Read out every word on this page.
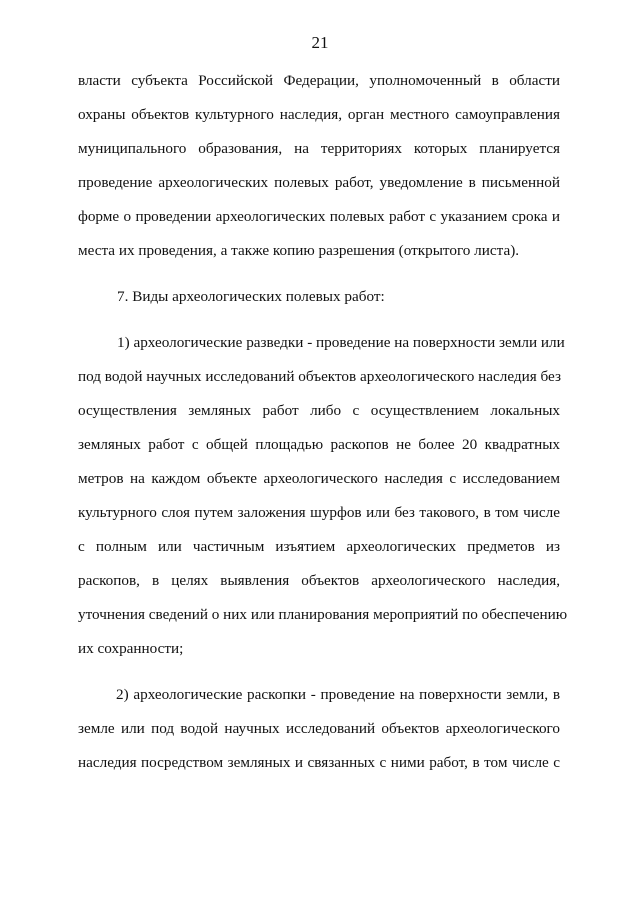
21
власти субъекта Российской Федерации, уполномоченный в области
охраны объектов культурного наследия, орган местного самоуправления
муниципального образования, на территориях которых планируется
проведение археологических полевых работ, уведомление в письменной
форме о проведении археологических полевых работ с указанием срока и
места их проведения, а также копию разрешения (открытого листа).
7. Виды археологических полевых работ:
1) археологические разведки - проведение на поверхности земли или
под водой научных исследований объектов археологического наследия без
осуществления земляных работ либо с осуществлением локальных
земляных работ с общей площадью раскопов не более 20 квадратных
метров на каждом объекте археологического наследия с исследованием
культурного слоя путем заложения шурфов или без такового, в том числе
с полным или частичным изъятием археологических предметов из
раскопов, в целях выявления объектов археологического наследия,
уточнения сведений о них или планирования мероприятий по обеспечению
их сохранности;
2) археологические раскопки - проведение на поверхности земли, в
земле или под водой научных исследований объектов археологического
наследия посредством земляных и связанных с ними работ, в том числе с
